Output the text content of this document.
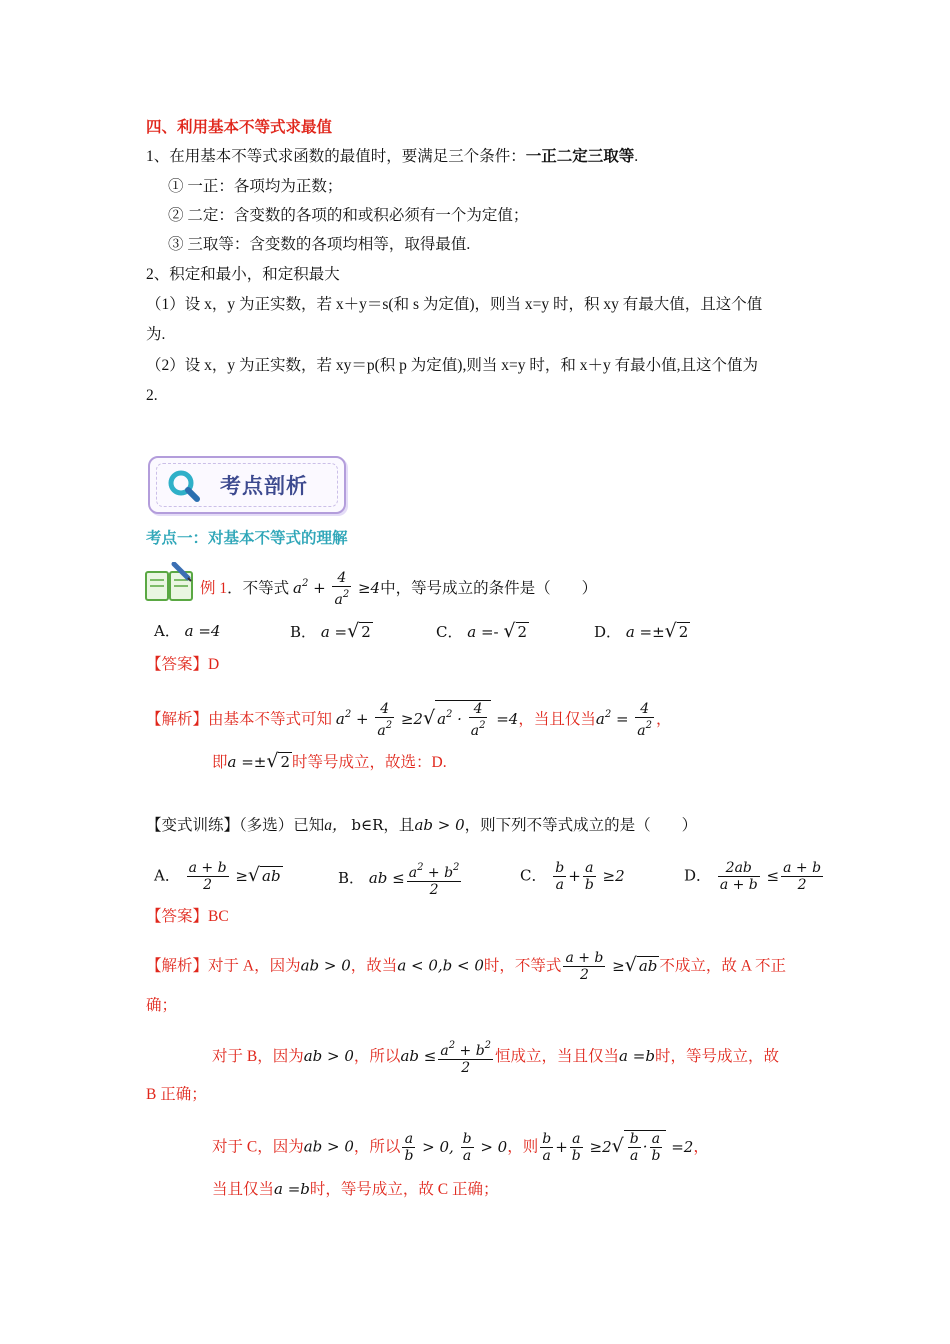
四、利用基本不等式求最值
1、在用基本不等式求函数的最值时，要满足三个条件：一正二定三取等.
① 一正：各项均为正数；
② 二定：含变数的各项的和或积必须有一个为定值；
③ 三取等：含变数的各项均相等，取得最值.
2、积定和最小，和定积最大
（1）设 x，y 为正实数，若 x＋y＝s(和 s 为定值)，则当 x=y 时，积 xy 有最大值，且这个值
为.
（2）设 x，y 为正实数，若 xy＝p(积 p 为定值),则当 x=y 时，和 x＋y 有最小值,且这个值为
2.
考点剖析
考点一：对基本不等式的理解
例 1．不等式 $a^2 + \frac{4}{a^2} \ge 4$中，等号成立的条件是（　　）
A． a =4	B． a =√ 2	C． a =- √ 2	D． a =±√ 2
【答案】D
【解析】由基本不等式可知 $a^2 + \frac{4}{a^2} \ge 2√$ $a^2 \cdot \frac{4}{a^2} =4$，当且仅当$a^2 = \frac{4}{a^2}$ ，
即a =±√ 2 时等号成立，故选：D.
【变式训练】（多选）已知a， b∈R，且ab > 0，则下列不等式成立的是（　　）
A． $\frac{a + b}{2}$ ≥√ ab	B． ab ≤ $\frac{a^2 + b^2}{2}$	C． $\frac{b}{a} + \frac{a}{b} \ge 2$	D． $\frac{2ab}{a + b} \le \frac{a + b}{2}$
【答案】BC
【解析】对于 A，因为ab > 0，故当a < 0,b < 0时，不等式 $\frac{a + b}{2}$ ≥√ ab 不成立，故 A 不正
确；
对于 B，因为ab > 0，所以ab ≤ $\frac{a^2 + b^2}{2}$ 恒成立，当且仅当a =b时，等号成立，故
B 正确；
对于 C，因为ab > 0，所以 $\frac{a}{b} > 0$, $\frac{b}{a} > 0$，则 $\frac{b}{a} + \frac{a}{b} \ge 2√ \frac{b}{a} \cdot \frac{a}{b} =2$，
当且仅当a =b时，等号成立，故 C 正确；
